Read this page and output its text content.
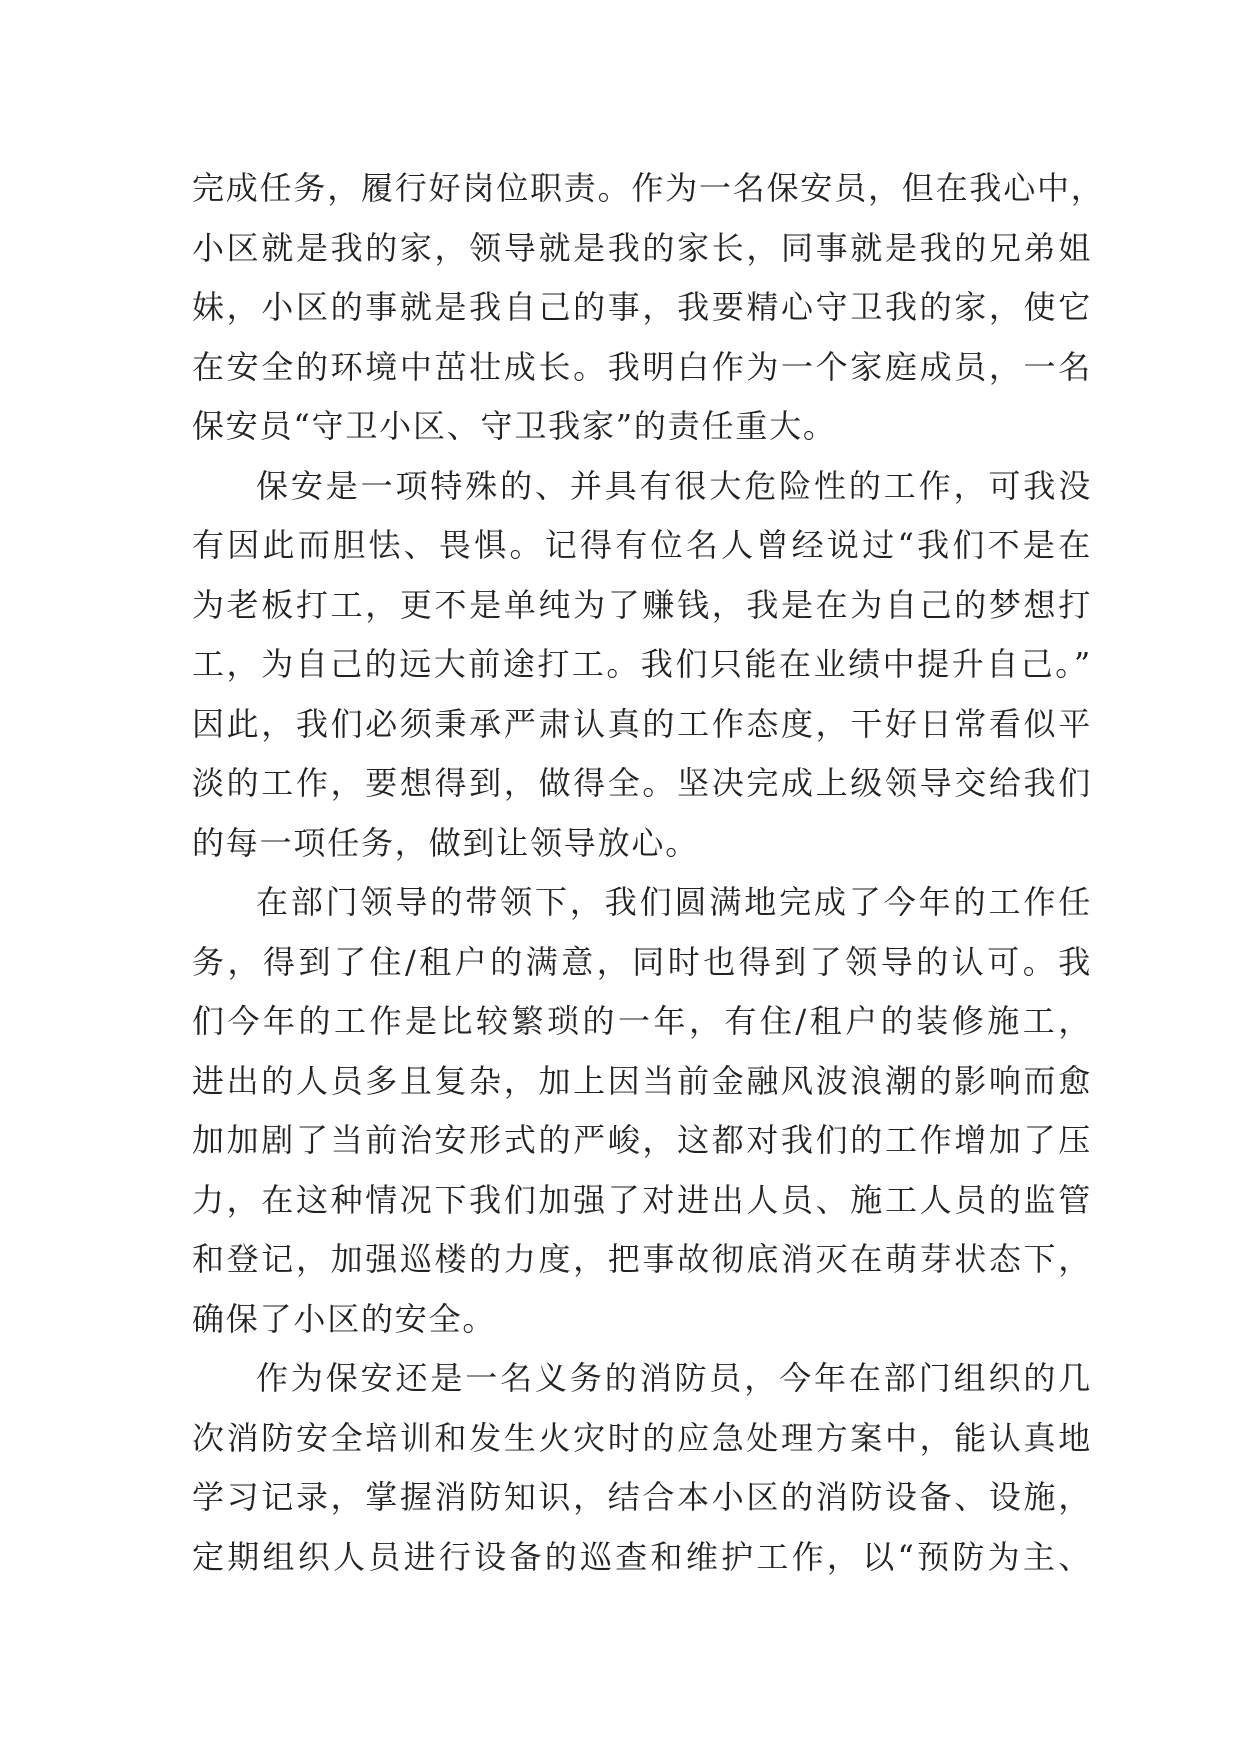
完成任务，履行好岗位职责。作为一名保安员，但在我心中，
小区就是我的家，领导就是我的家长，同事就是我的兄弟姐
妹，小区的事就是我自己的事，我要精心守卫我的家，使它
在安全的环境中茁壮成长。我明白作为一个家庭成员，一名
保安员“守卫小区、守卫我家”的责任重大。
保安是一项特殊的、并具有很大危险性的工作，可我没
有因此而胆怯、畏惧。记得有位名人曾经说过“我们不是在
为老板打工，更不是单纯为了赚钱，我是在为自己的梦想打
工，为自己的远大前途打工。我们只能在业绩中提升自己。”
因此，我们必须秉承严肃认真的工作态度，干好日常看似平
淡的工作，要想得到，做得全。坚决完成上级领导交给我们
的每一项任务，做到让领导放心。
在部门领导的带领下，我们圆满地完成了今年的工作任
务，得到了住/租户的满意，同时也得到了领导的认可。我
们今年的工作是比较繁琐的一年，有住/租户的装修施工，
进出的人员多且复杂，加上因当前金融风波浪潮的影响而愈
加加剧了当前治安形式的严峻，这都对我们的工作增加了压
力，在这种情况下我们加强了对进出人员、施工人员的监管
和登记，加强巡楼的力度，把事故彻底消灭在萌芽状态下，
确保了小区的安全。
作为保安还是一名义务的消防员，今年在部门组织的几
次消防安全培训和发生火灾时的应急处理方案中，能认真地
学习记录，掌握消防知识，结合本小区的消防设备、设施，
定期组织人员进行设备的巡查和维护工作，以“预防为主、
